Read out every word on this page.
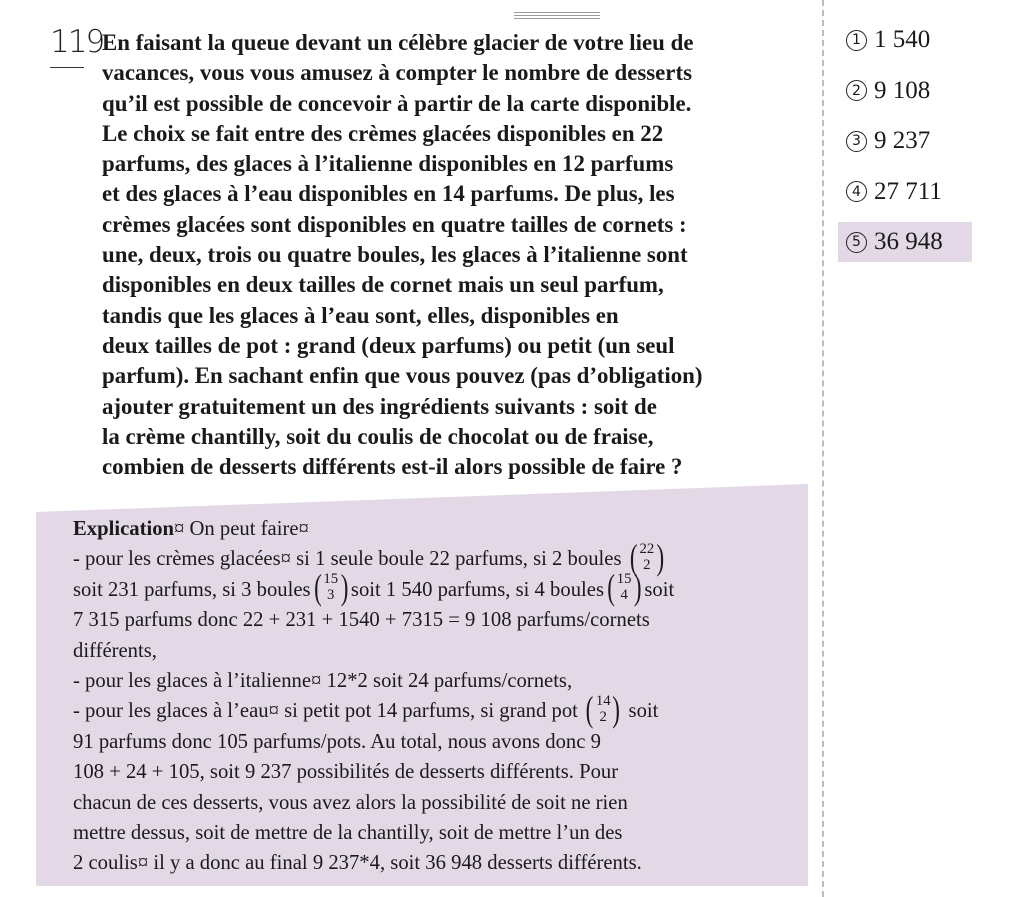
119
En faisant la queue devant un célèbre glacier de votre lieu de
vacances, vous vous amusez à compter le nombre de desserts
qu’il est possible de concevoir à partir de la carte disponible.
Le choix se fait entre des crèmes glacées disponibles en 22
parfums, des glaces à l’italienne disponibles en 12 parfums
et des glaces à l’eau disponibles en 14 parfums. De plus, les
crèmes glacées sont disponibles en quatre tailles de cornets :
une, deux, trois ou quatre boules, les glaces à l’italienne sont
disponibles en deux tailles de cornet mais un seul parfum,
tandis que les glaces à l’eau sont, elles, disponibles en
deux tailles de pot : grand (deux parfums) ou petit (un seul
parfum). En sachant enfin que vous pouvez (pas d’obligation)
ajouter gratuitement un des ingrédients suivants : soit de
la crème chantilly, soit du coulis de chocolat ou de fraise,
combien de desserts différents est-il alors possible de faire ?
1 1 540
2 9 108
3 9 237
4 27 711
5 36 948
Explication¤ On peut faire¤
- pour les crèmes glacées¤ si 1 seule boule 22 parfums, si 2 boules ( 22
2 )
soit 231 parfums, si 3 boules ( 15
3 ) soit 1 540 parfums, si 4 boules ( 15
4 ) soit
7 315 parfums donc 22 + 231 + 1540 + 7315 = 9 108 parfums/cornets
différents,
- pour les glaces à l’italienne¤ 12*2 soit 24 parfums/cornets,
- pour les glaces à l’eau¤ si petit pot 14 parfums, si grand pot ( 14
2 ) soit
91 parfums donc 105 parfums/pots. Au total, nous avons donc 9
108 + 24 + 105, soit 9 237 possibilités de desserts différents. Pour
chacun de ces desserts, vous avez alors la possibilité de soit ne rien
mettre dessus, soit de mettre de la chantilly, soit de mettre l’un des
2 coulis¤ il y a donc au final 9 237*4, soit 36 948 desserts différents.
